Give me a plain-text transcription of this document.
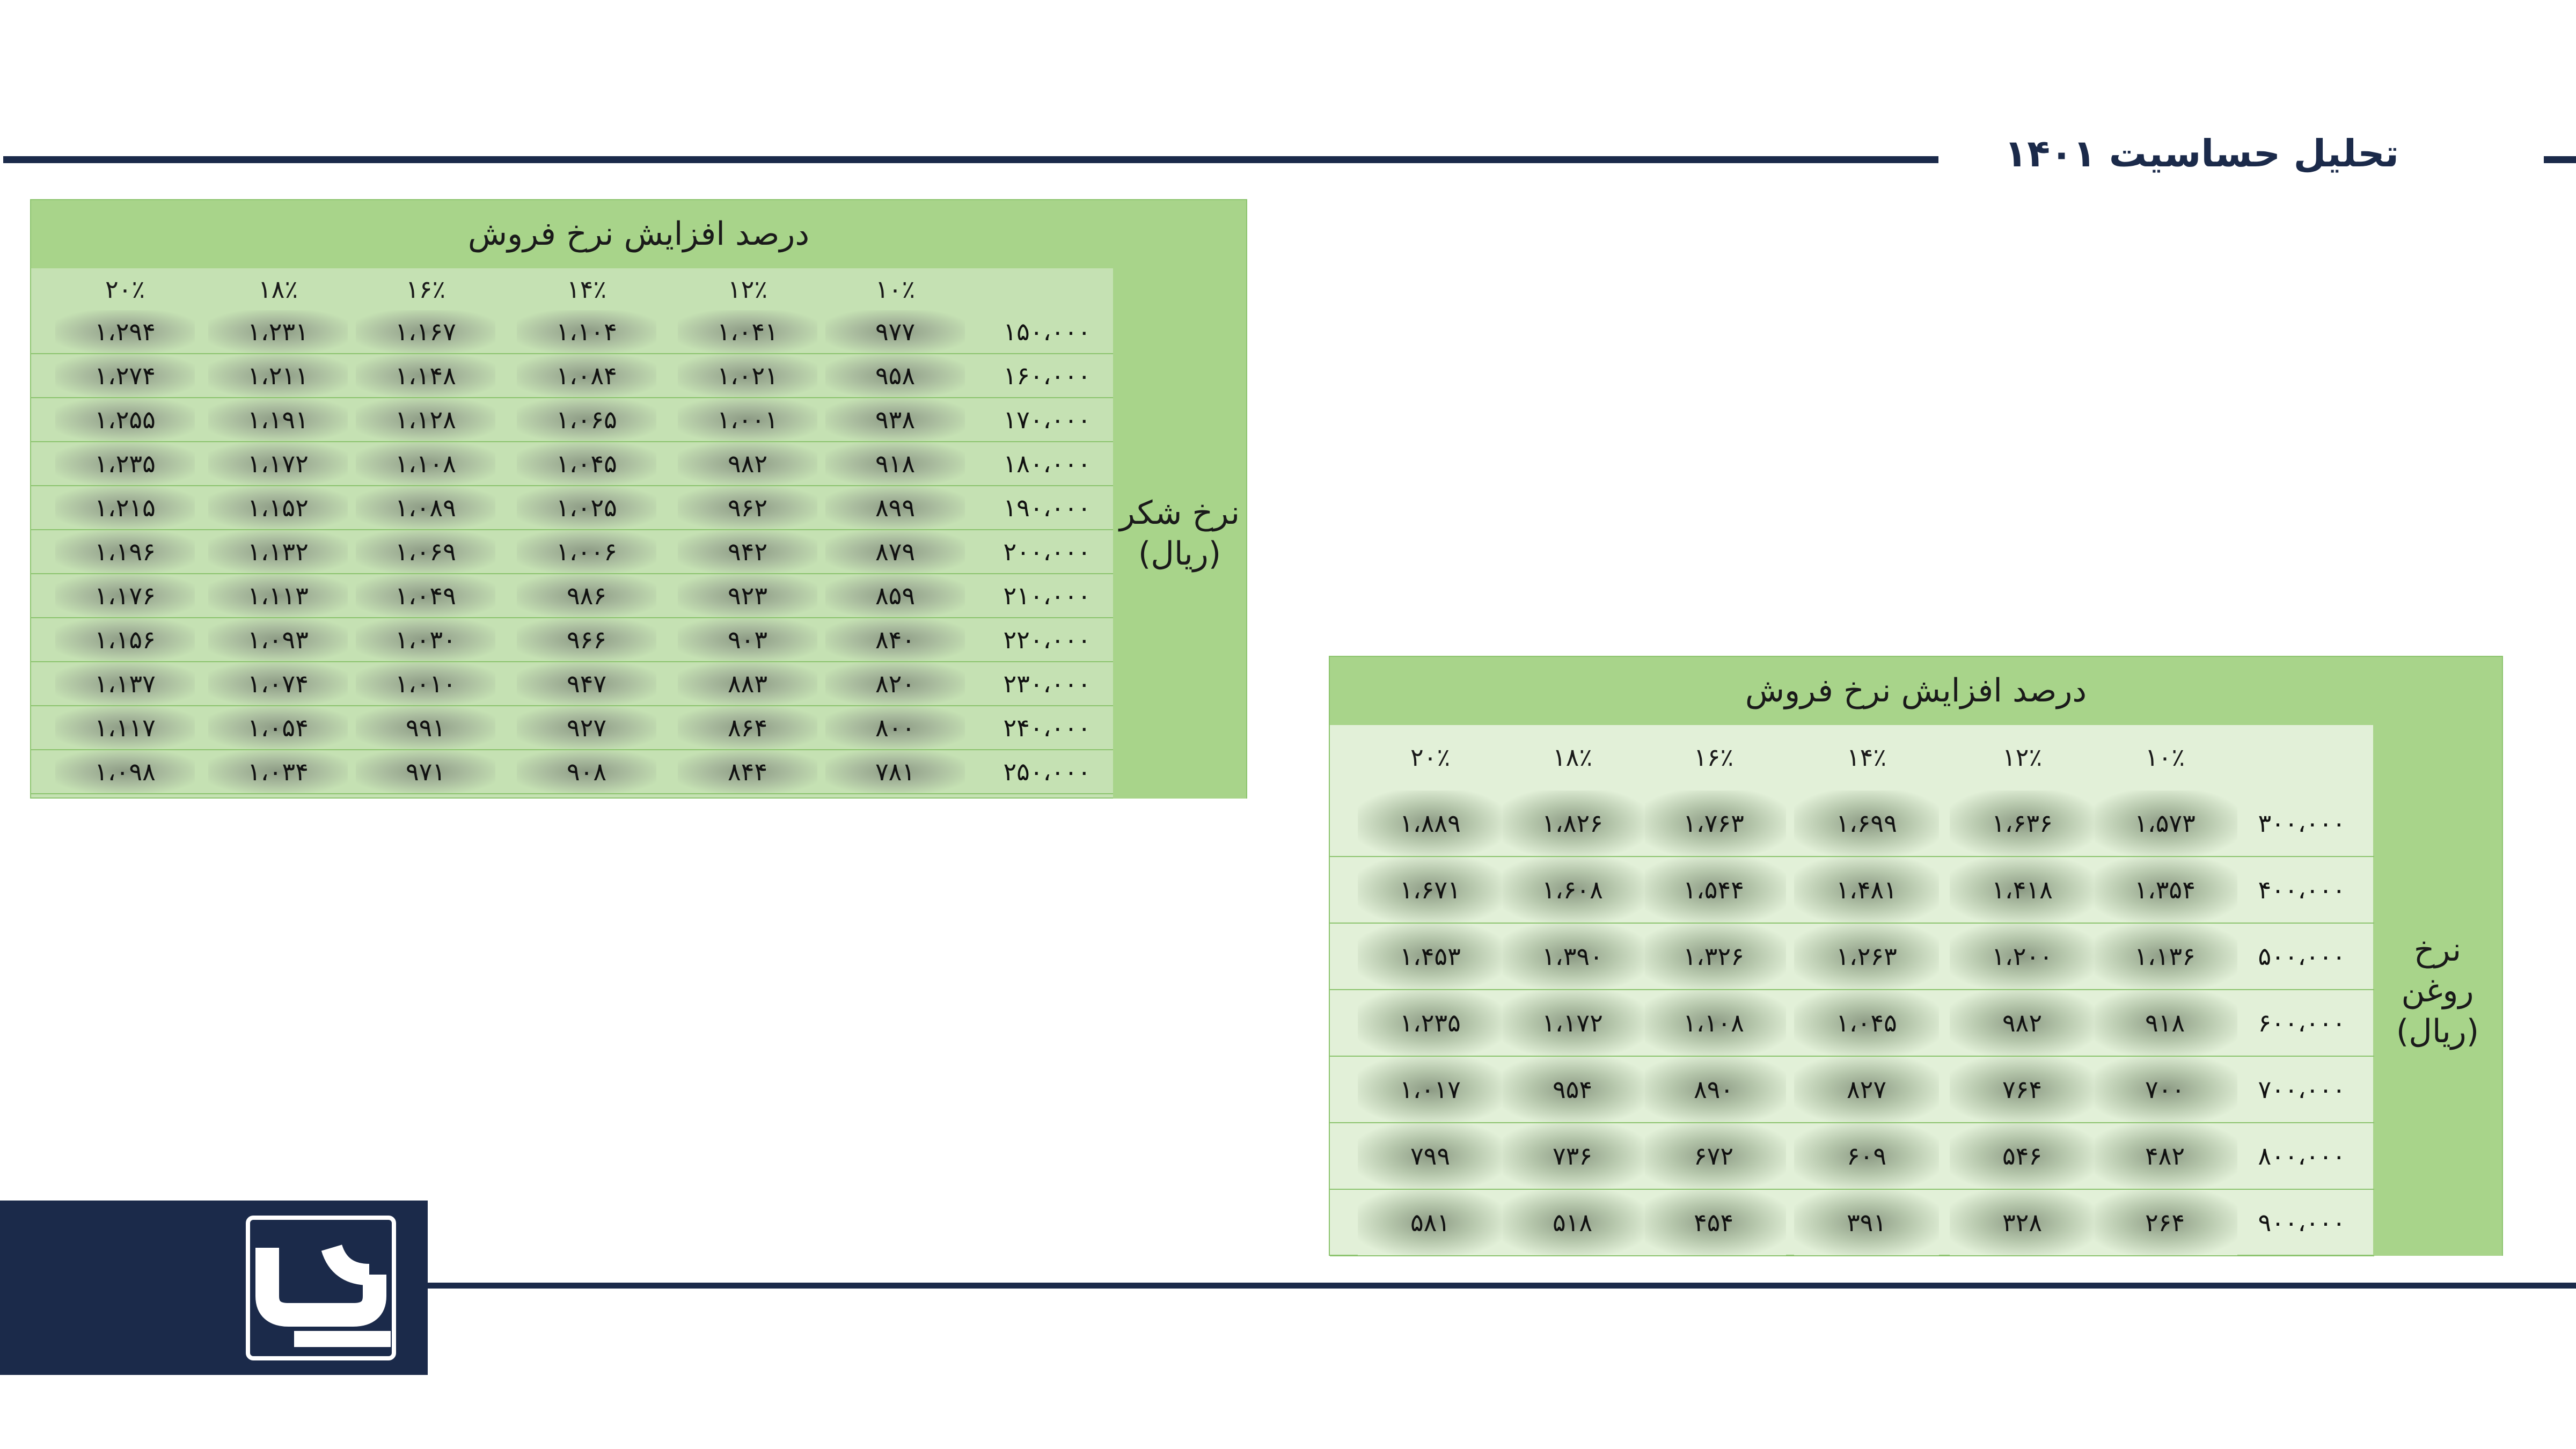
تحلیل حساسیت ۱۴۰۱
درصد افزایش نرخ فروش
نرخ شکر
(ریال)
۱۰٪
۱۲٪
۱۴٪
۱۶٪
۱۸٪
۲۰٪
۱۵۰،۰۰۰
۹۷۷
۱،۰۴۱
۱،۱۰۴
۱،۱۶۷
۱،۲۳۱
۱،۲۹۴
۱۶۰،۰۰۰
۹۵۸
۱،۰۲۱
۱،۰۸۴
۱،۱۴۸
۱،۲۱۱
۱،۲۷۴
۱۷۰،۰۰۰
۹۳۸
۱،۰۰۱
۱،۰۶۵
۱،۱۲۸
۱،۱۹۱
۱،۲۵۵
۱۸۰،۰۰۰
۹۱۸
۹۸۲
۱،۰۴۵
۱،۱۰۸
۱،۱۷۲
۱،۲۳۵
۱۹۰،۰۰۰
۸۹۹
۹۶۲
۱،۰۲۵
۱،۰۸۹
۱،۱۵۲
۱،۲۱۵
۲۰۰،۰۰۰
۸۷۹
۹۴۲
۱،۰۰۶
۱،۰۶۹
۱،۱۳۲
۱،۱۹۶
۲۱۰،۰۰۰
۸۵۹
۹۲۳
۹۸۶
۱،۰۴۹
۱،۱۱۳
۱،۱۷۶
۲۲۰،۰۰۰
۸۴۰
۹۰۳
۹۶۶
۱،۰۳۰
۱،۰۹۳
۱،۱۵۶
۲۳۰،۰۰۰
۸۲۰
۸۸۳
۹۴۷
۱،۰۱۰
۱،۰۷۴
۱،۱۳۷
۲۴۰،۰۰۰
۸۰۰
۸۶۴
۹۲۷
۹۹۱
۱،۰۵۴
۱،۱۱۷
۲۵۰،۰۰۰
۷۸۱
۸۴۴
۹۰۸
۹۷۱
۱،۰۳۴
۱،۰۹۸
درصد افزایش نرخ فروش
نرخ
روغن
(ریال)
۱۰٪
۱۲٪
۱۴٪
۱۶٪
۱۸٪
۲۰٪
۳۰۰،۰۰۰
۱،۵۷۳
۱،۶۳۶
۱،۶۹۹
۱،۷۶۳
۱،۸۲۶
۱،۸۸۹
۴۰۰،۰۰۰
۱،۳۵۴
۱،۴۱۸
۱،۴۸۱
۱،۵۴۴
۱،۶۰۸
۱،۶۷۱
۵۰۰،۰۰۰
۱،۱۳۶
۱،۲۰۰
۱،۲۶۳
۱،۳۲۶
۱،۳۹۰
۱،۴۵۳
۶۰۰،۰۰۰
۹۱۸
۹۸۲
۱،۰۴۵
۱،۱۰۸
۱،۱۷۲
۱،۲۳۵
۷۰۰،۰۰۰
۷۰۰
۷۶۴
۸۲۷
۸۹۰
۹۵۴
۱،۰۱۷
۸۰۰،۰۰۰
۴۸۲
۵۴۶
۶۰۹
۶۷۲
۷۳۶
۷۹۹
۹۰۰،۰۰۰
۲۶۴
۳۲۸
۳۹۱
۴۵۴
۵۱۸
۵۸۱
